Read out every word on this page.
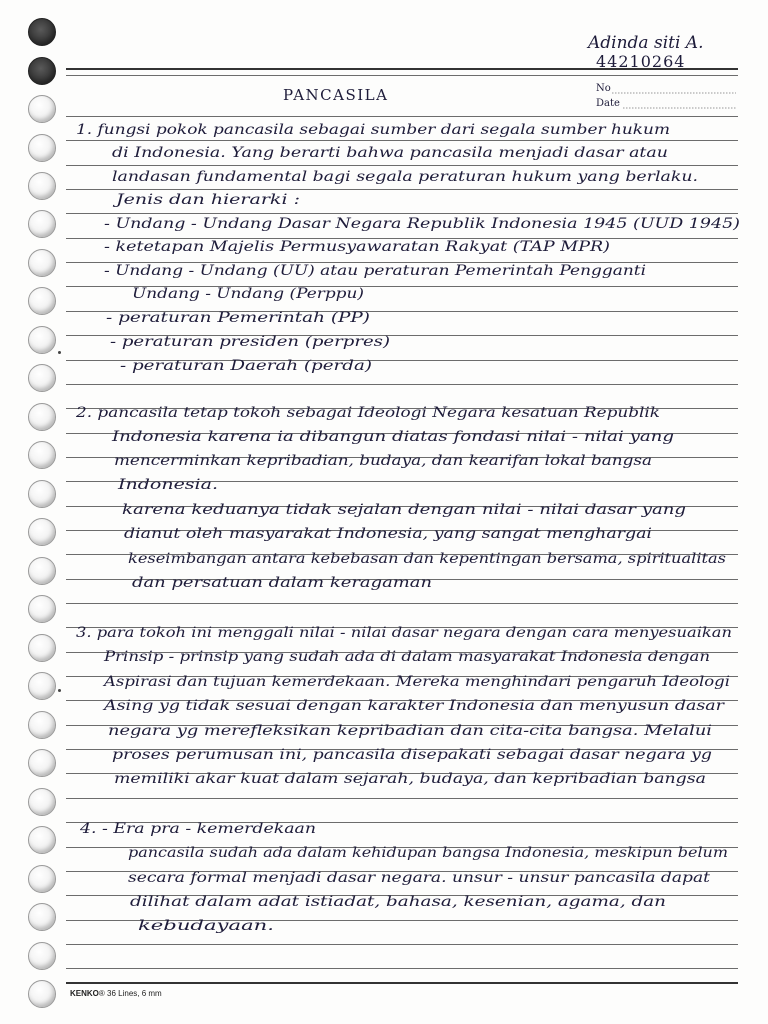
Adinda siti A.
44210264
PANCASILA	No
Date
1. fungsi pokok pancasila sebagai sumber dari segala sumber hukum
di Indonesia. Yang berarti bahwa pancasila menjadi dasar atau
landasan fundamental bagi segala peraturan hukum yang berlaku.
Jenis dan hierarki :
- Undang - Undang Dasar Negara Republik Indonesia 1945 (UUD 1945)
- ketetapan Majelis Permusyawaratan Rakyat (TAP MPR)
- Undang - Undang (UU) atau peraturan Pemerintah Pengganti
Undang - Undang (Perppu)
- peraturan Pemerintah (PP)
- peraturan presiden (perpres)
- peraturan Daerah (perda)
2. pancasila tetap tokoh sebagai Ideologi Negara kesatuan Republik
Indonesia karena ia dibangun diatas fondasi nilai - nilai yang
mencerminkan kepribadian, budaya, dan kearifan lokal bangsa
Indonesia.
karena keduanya tidak sejalan dengan nilai - nilai dasar yang
dianut oleh masyarakat Indonesia, yang sangat menghargai
keseimbangan antara kebebasan dan kepentingan bersama, spiritualitas
dan persatuan dalam keragaman
3. para tokoh ini menggali nilai - nilai dasar negara dengan cara menyesuaikan
Prinsip - prinsip yang sudah ada di dalam masyarakat Indonesia dengan
Aspirasi dan tujuan kemerdekaan. Mereka menghindari pengaruh Ideologi
Asing yg tidak sesuai dengan karakter Indonesia dan menyusun dasar
negara yg merefleksikan kepribadian dan cita-cita bangsa. Melalui
proses perumusan ini, pancasila disepakati sebagai dasar negara yg
memiliki akar kuat dalam sejarah, budaya, dan kepribadian bangsa
4. - Era pra - kemerdekaan
pancasila sudah ada dalam kehidupan bangsa Indonesia, meskipun belum
secara formal menjadi dasar negara. unsur - unsur pancasila dapat
dilihat dalam adat istiadat, bahasa, kesenian, agama, dan
kebudayaan.
KENKO® 36 Lines, 6 mm
